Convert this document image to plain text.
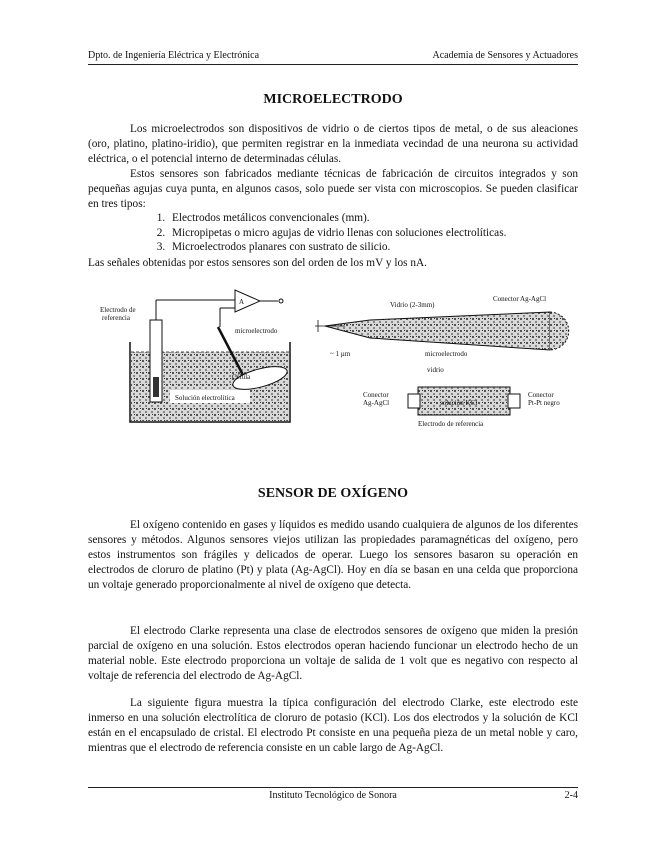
Dpto. de Ingeniería Eléctrica y Electrónica	Academia de Sensores y Actuadores
MICROELECTRODO

Los microelectrodos son dispositivos de vidrio o de ciertos tipos de metal, o de sus aleaciones (oro, platino, platino-iridio), que permiten registrar en la inmediata vecindad de una neurona su actividad eléctrica, o el potencial interno de determinadas células.

Estos sensores son fabricados mediante técnicas de fabricación de circuitos integrados y son pequeñas agujas cuya punta, en algunos casos, solo puede ser vista con microscopios. Se pueden clasificar en tres tipos:

1. Electrodos metálicos convencionales (mm).
2. Micropipetas o micro agujas de vidrio llenas con soluciones electrolíticas.
3. Microelectrodos planares con sustrato de silicio.

Las señales obtenidas por estos sensores son del orden de los mV y los nA.

Electrodo de
referencia
A
microelectrodo
Célula
Solución electrolítica
Vidrio (2-3mm)
Conector Ag-AgCl
~ 1 µm	microelectrodo
vidrio
Conector
Ag-AgCl	solución KCl
Conector
Pt-Pt negro
Electrodo de referencia
SENSOR DE OXÍGENO

El oxígeno contenido en gases y líquidos es medido usando cualquiera de algunos de los diferentes sensores y métodos. Algunos sensores viejos utilizan las propiedades paramagnéticas del oxígeno, pero estos instrumentos son frágiles y delicados de operar. Luego los sensores basaron su operación en electrodos de cloruro de platino (Pt) y plata (Ag-AgCl). Hoy en día se basan en una celda que proporciona un voltaje generado proporcionalmente al nivel de oxígeno que detecta.

El electrodo Clarke representa una clase de electrodos sensores de oxígeno que miden la presión parcial de oxígeno en una solución. Estos electrodos operan haciendo funcionar un electrodo hecho de un material noble. Este electrodo proporciona un voltaje de salida de 1 volt que es negativo con respecto al voltaje de referencia del electrodo de Ag-AgCl.

La siguiente figura muestra la típica configuración del electrodo Clarke, este electrodo este inmerso en una solución electrolítica de cloruro de potasio (KCl). Los dos electrodos y la solución de KCl están en el encapsulado de cristal. El electrodo Pt consiste en una pequeña pieza de un metal noble y caro, mientras que el electrodo de referencia consiste en un cable largo de Ag-AgCl.

Instituto Tecnológico de Sonora	2-4
